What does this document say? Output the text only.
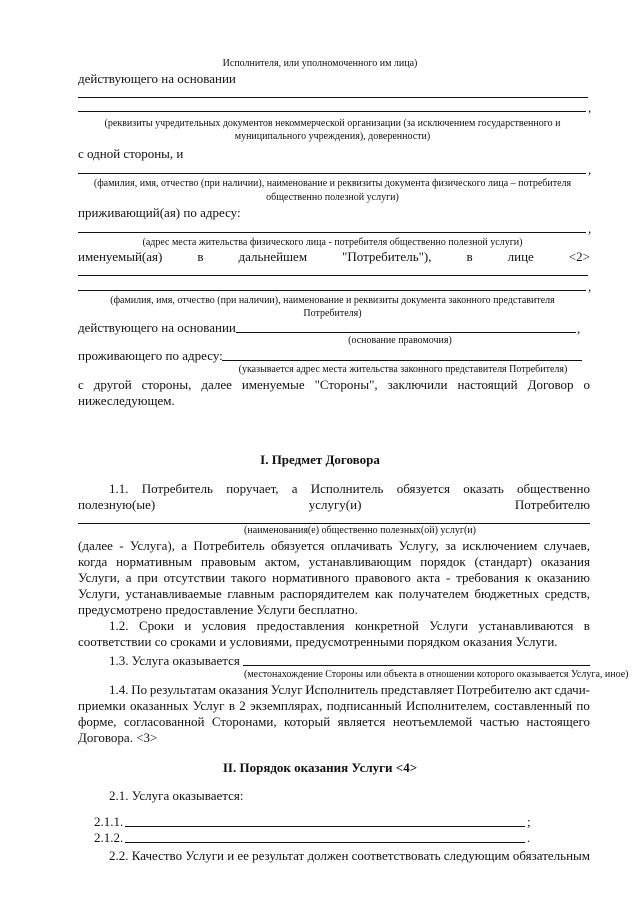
Исполнителя, или уполномоченного им лица)
действующего на основании
,
(реквизиты учредительных документов некоммерческой организации (за исключением государственного и
муниципального учреждения), доверенности)
с одной стороны, и
,
(фамилия, имя, отчество (при наличии), наименование и реквизиты документа физического лица – потребителя
общественно полезной услуги)
приживающий(ая) по адресу:
,
(адрес места жительства физического лица - потребителя общественно полезной услуги)
именуемый(ая)	в	дальнейшем	"Потребитель"),	в	лице	<2>
,
(фамилия, имя, отчество (при наличии), наименование и реквизиты документа законного представителя
Потребителя)
действующего на основании	,
(основание правомочия)
проживающего по адресу:
(указывается адрес места жительства законного представителя Потребителя)
с другой стороны, далее именуемые "Стороны", заключили настоящий Договор о
нижеследующем.
I. Предмет Договора
1.1. Потребитель поручает, а Исполнитель обязуется оказать общественно
полезную(ые)	услугу(и)	Потребителю
(наименования(е) общественно полезных(ой) услуг(и)
(далее - Услуга), а Потребитель обязуется оплачивать Услугу, за исключением случаев,
когда нормативным правовым актом, устанавливающим порядок (стандарт) оказания
Услуги, а при отсутствии такого нормативного правового акта - требования к оказанию
Услуги, устанавливаемые главным распорядителем как получателем бюджетных средств,
предусмотрено предоставление Услуги бесплатно.
1.2. Сроки и условия предоставления конкретной Услуги устанавливаются в
соответствии со сроками и условиями, предусмотренными порядком оказания Услуги.
1.3. Услуга оказывается
(местонахождение Стороны или объекта в отношении которого оказывается Услуга, иное)
1.4. По результатам оказания Услуг Исполнитель представляет Потребителю акт сдачи-
приемки оказанных Услуг в 2 экземплярах, подписанный Исполнителем, составленный по
форме, согласованной Сторонами, который является неотъемлемой частью настоящего
Договора. <3>
II. Порядок оказания Услуги <4>
2.1. Услуга оказывается:
2.1.1.	;
2.1.2.	.
2.2. Качество Услуги и ее результат должен соответствовать следующим обязательным
